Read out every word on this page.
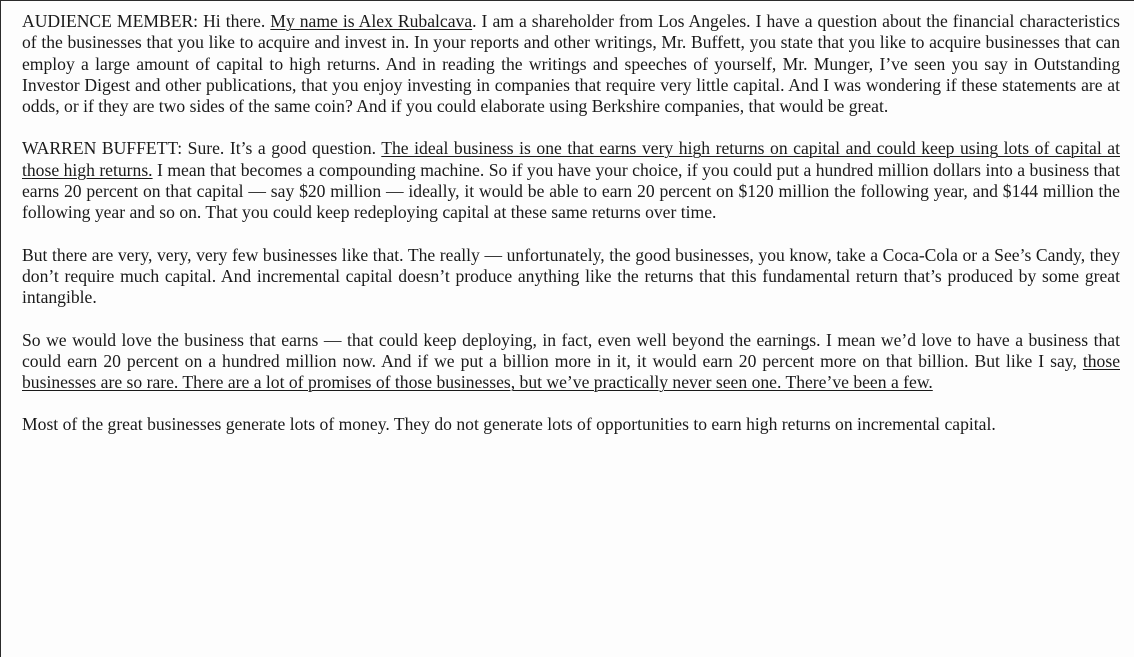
AUDIENCE MEMBER: Hi there. My name is Alex Rubalcava. I am a shareholder from Los Angeles. I have a question about the financial characteristics of the businesses that you like to acquire and invest in. In your reports and other writings, Mr. Buffett, you state that you like to acquire businesses that can employ a large amount of capital to high returns. And in reading the writings and speeches of yourself, Mr. Munger, I’ve seen you say in Outstanding Investor Digest and other publications, that you enjoy investing in companies that require very little capital. And I was wondering if these statements are at odds, or if they are two sides of the same coin? And if you could elaborate using Berkshire companies, that would be great.

WARREN BUFFETT: Sure. It’s a good question. The ideal business is one that earns very high returns on capital and could keep using lots of capital at those high returns. I mean that becomes a compounding machine. So if you have your choice, if you could put a hundred million dollars into a business that earns 20 percent on that capital — say $20 million — ideally, it would be able to earn 20 percent on $120 million the following year, and $144 million the following year and so on. That you could keep redeploying capital at these same returns over time.

But there are very, very, very few businesses like that. The really — unfortunately, the good businesses, you know, take a Coca-Cola or a See’s Candy, they don’t require much capital. And incremental capital doesn’t produce anything like the returns that this fundamental return that’s produced by some great intangible.

So we would love the business that earns — that could keep deploying, in fact, even well beyond the earnings. I mean we’d love to have a business that could earn 20 percent on a hundred million now. And if we put a billion more in it, it would earn 20 percent more on that billion. But like I say, those businesses are so rare. There are a lot of promises of those businesses, but we’ve practically never seen one. There’ve been a few.

Most of the great businesses generate lots of money. They do not generate lots of opportunities to earn high returns on incremental capital.
